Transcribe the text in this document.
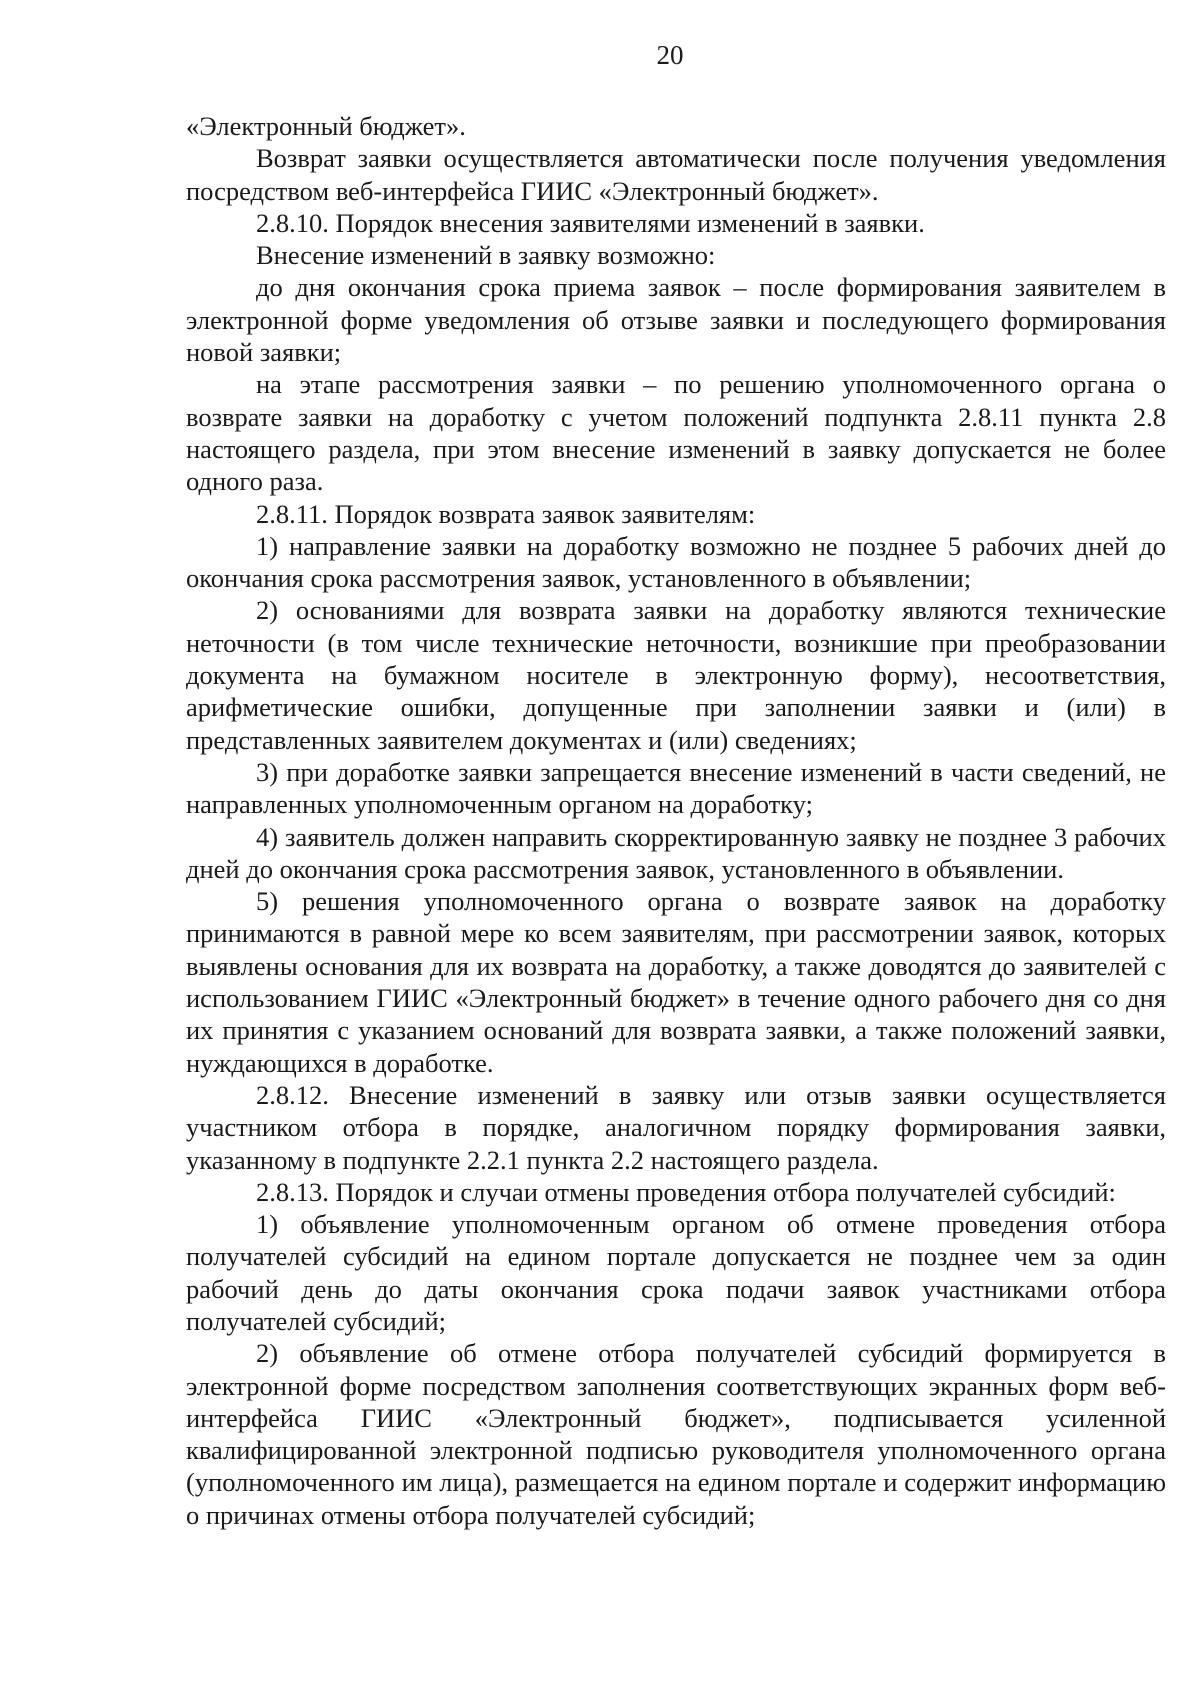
20

«Электронный бюджет».

Возврат заявки осуществляется автоматически после получения уведомления посредством веб-интерфейса ГИИС «Электронный бюджет».

2.8.10. Порядок внесения заявителями изменений в заявки.

Внесение изменений в заявку возможно:

до дня окончания срока приема заявок – после формирования заявителем в электронной форме уведомления об отзыве заявки и последующего формирования новой заявки;

на этапе рассмотрения заявки – по решению уполномоченного органа о возврате заявки на доработку с учетом положений подпункта 2.8.11 пункта 2.8 настоящего раздела, при этом внесение изменений в заявку допускается не более одного раза.

2.8.11. Порядок возврата заявок заявителям:

1) направление заявки на доработку возможно не позднее 5 рабочих дней до окончания срока рассмотрения заявок, установленного в объявлении;

2) основаниями для возврата заявки на доработку являются технические неточности (в том числе технические неточности, возникшие при преобразовании документа на бумажном носителе в электронную форму), несоответствия, арифметические ошибки, допущенные при заполнении заявки и (или) в представленных заявителем документах и (или) сведениях;

3) при доработке заявки запрещается внесение изменений в части сведений, не направленных уполномоченным органом на доработку;

4) заявитель должен направить скорректированную заявку не позднее 3 рабочих дней до окончания срока рассмотрения заявок, установленного в объявлении.

5) решения уполномоченного органа о возврате заявок на доработку принимаются в равной мере ко всем заявителям, при рассмотрении заявок, которых выявлены основания для их возврата на доработку, а также доводятся до заявителей с использованием ГИИС «Электронный бюджет» в течение одного рабочего дня со дня их принятия с указанием оснований для возврата заявки, а также положений заявки, нуждающихся в доработке.

2.8.12. Внесение изменений в заявку или отзыв заявки осуществляется участником отбора в порядке, аналогичном порядку формирования заявки, указанному в подпункте 2.2.1 пункта 2.2 настоящего раздела.

2.8.13. Порядок и случаи отмены проведения отбора получателей субсидий:

1) объявление уполномоченным органом об отмене проведения отбора получателей субсидий на едином портале допускается не позднее чем за один рабочий день до даты окончания срока подачи заявок участниками отбора получателей субсидий;

2) объявление об отмене отбора получателей субсидий формируется в электронной форме посредством заполнения соответствующих экранных форм веб-интерфейса ГИИС «Электронный бюджет», подписывается усиленной квалифицированной электронной подписью руководителя уполномоченного органа (уполномоченного им лица), размещается на едином портале и содержит информацию о причинах отмены отбора получателей субсидий;
